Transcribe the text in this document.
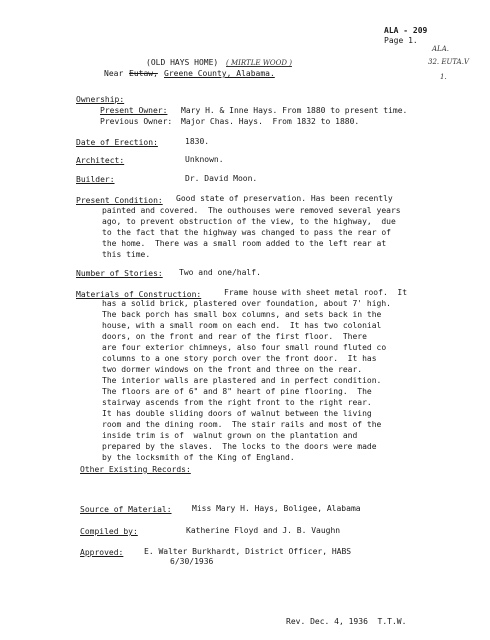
ALA - 209
Page 1.
ALA.
32. EUTA.V
1.
(OLD HAYS HOME) ( MIRTLE WOOD )
Near Eutaw, Greene County, Alabama.
Ownership:
Present Owner: Mary H. & Inne Hays. From 1880 to present time.
Previous Owner: Major Chas. Hays.  From 1832 to 1880.
Date of Erection:	1830.
Architect:	Unknown.
Builder:	Dr. David Moon.
Present Condition: Good state of preservation. Has been recently
painted and covered.  The outhouses were removed several years
ago, to prevent obstruction of the view, to the highway,  due
to the fact that the highway was changed to pass the rear of
the home.  There was a small room added to the left rear at
this time.
Number of Stories: Two and one/half.
Materials of Construction:	Frame house with sheet metal roof.  It
has a solid brick, plastered over foundation, about 7' high.
The back porch has small box columns, and sets back in the
house, with a small room on each end.  It has two colonial
doors, on the front and rear of the first floor.  There
are four exterior chimneys, also four small round fluted co
columns to a one story porch over the front door.  It has
two dormer windows on the front and three on the rear.
The interior walls are plastered and in perfect condition.
The floors are of 6" and 8" heart of pine flooring.  The
stairway ascends from the right front to the right rear.
It has double sliding doors of walnut between the living
room and the dining room.  The stair rails and most of the
inside trim is of  walnut grown on the plantation and
prepared by the slaves.  The locks to the doors were made
by the locksmith of the King of England.
Other Existing Records:
Source of Material:	Miss Mary H. Hays, Boligee, Alabama
Compiled by:	Katherine Floyd and J. B. Vaughn
Approved:	E. Walter Burkhardt, District Officer, HABS
6/30/1936
Rev. Dec. 4, 1936  T.T.W.
